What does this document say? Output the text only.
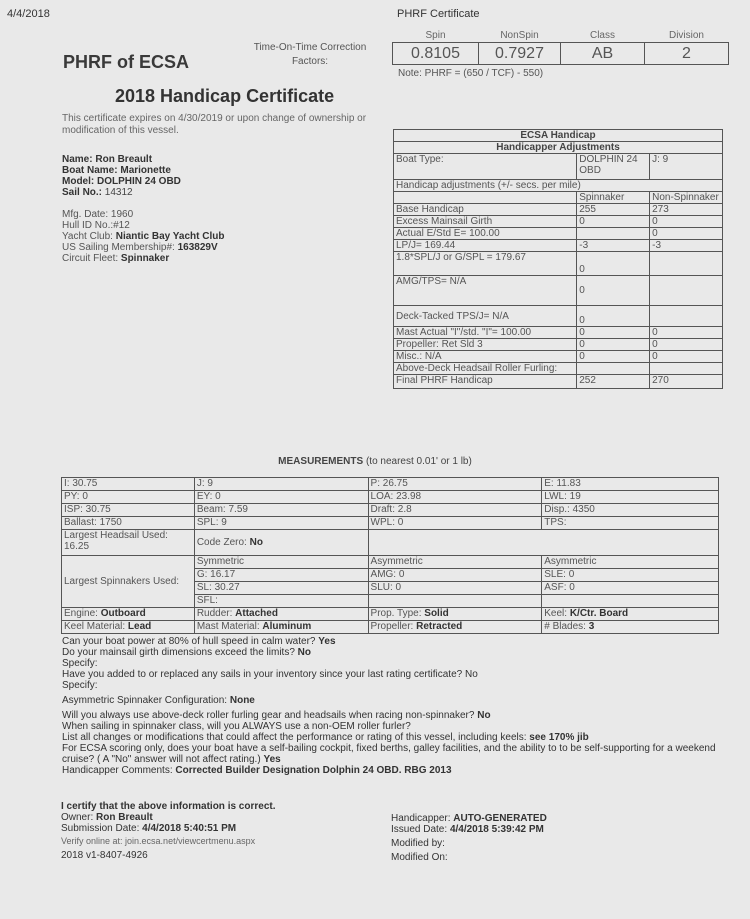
4/4/2018	PHRF Certificate
PHRF of ECSA
2018 Handicap Certificate
Time-On-Time Correction Factors:
Spin	NonSpin	Class	Division
0.8105	0.7927	AB	2
Note: PHRF = (650 / TCF) - 550)
This certificate expires on 4/30/2019 or upon change of ownership or modification of this vessel.
Name: Ron Breault
Boat Name: Marionette
Model: DOLPHIN 24 OBD
Sail No.: 14312
Mfg. Date: 1960
Hull ID No.:#12
Yacht Club: Niantic Bay Yacht Club
US Sailing Membership#: 163829V
Circuit Fleet: Spinnaker
ECSA Handicap		
Handicapper Adjustments		
Boat Type:	DOLPHIN 24 OBD	J: 9
Handicap adjustments (+/- secs. per mile)		
	Spinnaker	Non-Spinnaker
Base Handicap	255	273
Excess Mainsail Girth	0	0
Actual E/Std E= 100.00		0
LP/J= 169.44	-3	-3
1.8*SPL/J or G/SPL = 179.67	0	
AMG/TPS= N/A	0	
Deck-Tacked TPS/J= N/A	0	
Mast Actual "I"/std. "I"= 100.00	0	0
Propeller: Ret Sld 3	0	0
Misc.: N/A	0	0
Above-Deck Headsail Roller Furling:		
Final PHRF Handicap	252	270
MEASUREMENTS (to nearest 0.01' or 1 lb)
I: 30.75	J: 9	P: 26.75	E: 11.83
PY: 0	EY: 0	LOA: 23.98	LWL: 19
ISP: 30.75	Beam: 7.59	Draft: 2.8	Disp.: 4350
Ballast: 1750	SPL: 9	WPL: 0	TPS:
Largest Headsail Used: 16.25	Code Zero: No		
Largest Spinnakers Used:	Symmetric	Asymmetric	Asymmetric
	G: 16.17	AMG: 0	SLE: 0
	SL: 30.27	SLU: 0	ASF: 0
	SFL:		
Engine: Outboard	Rudder: Attached	Prop. Type: Solid	Keel: K/Ctr. Board
Keel Material: Lead	Mast Material: Aluminum	Propeller: Retracted	# Blades: 3

Can your boat power at 80% of hull speed in calm water? Yes

Do your mainsail girth dimensions exceed the limits? No

Specify:

Have you added to or replaced any sails in your inventory since your last rating certificate? No

Specify:

Asymmetric Spinnaker Configuration: None

Will you always use above-deck roller furling gear and headsails when racing non-spinnaker? No

When sailing in spinnaker class, will you ALWAYS use a non-OEM roller furler?

List all changes or modifications that could affect the performance or rating of this vessel, including keels: see 170% jib

For ECSA scoring only, does your boat have a self-bailing cockpit, fixed berths, galley facilities, and the ability to to be self-supporting for a weekend cruise? ( A "No" answer will not affect rating.) Yes

Handicapper Comments: Corrected Builder Designation Dolphin 24 OBD. RBG 2013

I certify that the above information is correct.

Owner: Ron Breault

Submission Date: 4/4/2018 5:40:51 PM

Verify online at: join.ecsa.net/viewcertmenu.aspx

2018 v1-8407-4926

Handicapper: AUTO-GENERATED

Issued Date: 4/4/2018 5:39:42 PM

Modified by:

Modified On:
